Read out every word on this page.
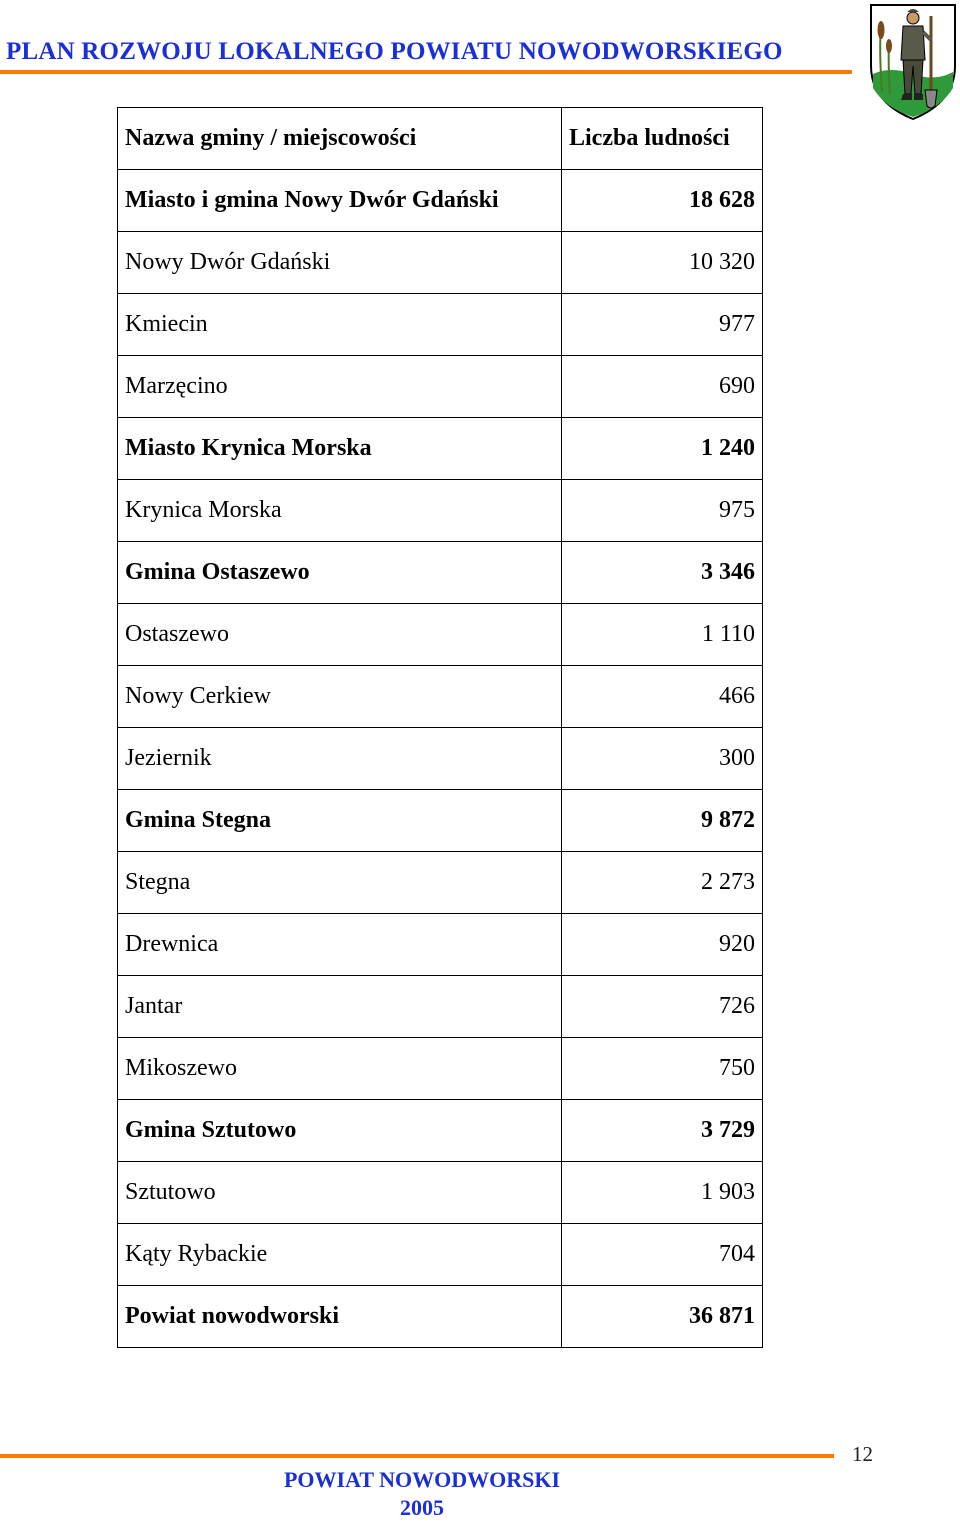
PLAN ROZWOJU LOKALNEGO POWIATU NOWODWORSKIEGO
Nazwa gminy / miejscowości	Liczba ludności
Miasto i gmina Nowy Dwór Gdański	18 628
Nowy Dwór Gdański	10 320
Kmiecin	977
Marzęcino	690
Miasto Krynica Morska	1 240
Krynica Morska	975
Gmina Ostaszewo	3 346
Ostaszewo	1 110
Nowy Cerkiew	466
Jeziernik	300
Gmina Stegna	9 872
Stegna	2 273
Drewnica	920
Jantar	726
Mikoszewo	750
Gmina Sztutowo	3 729
Sztutowo	1 903
Kąty Rybackie	704
Powiat nowodworski	36 871
12
POWIAT NOWODWORSKI
2005
